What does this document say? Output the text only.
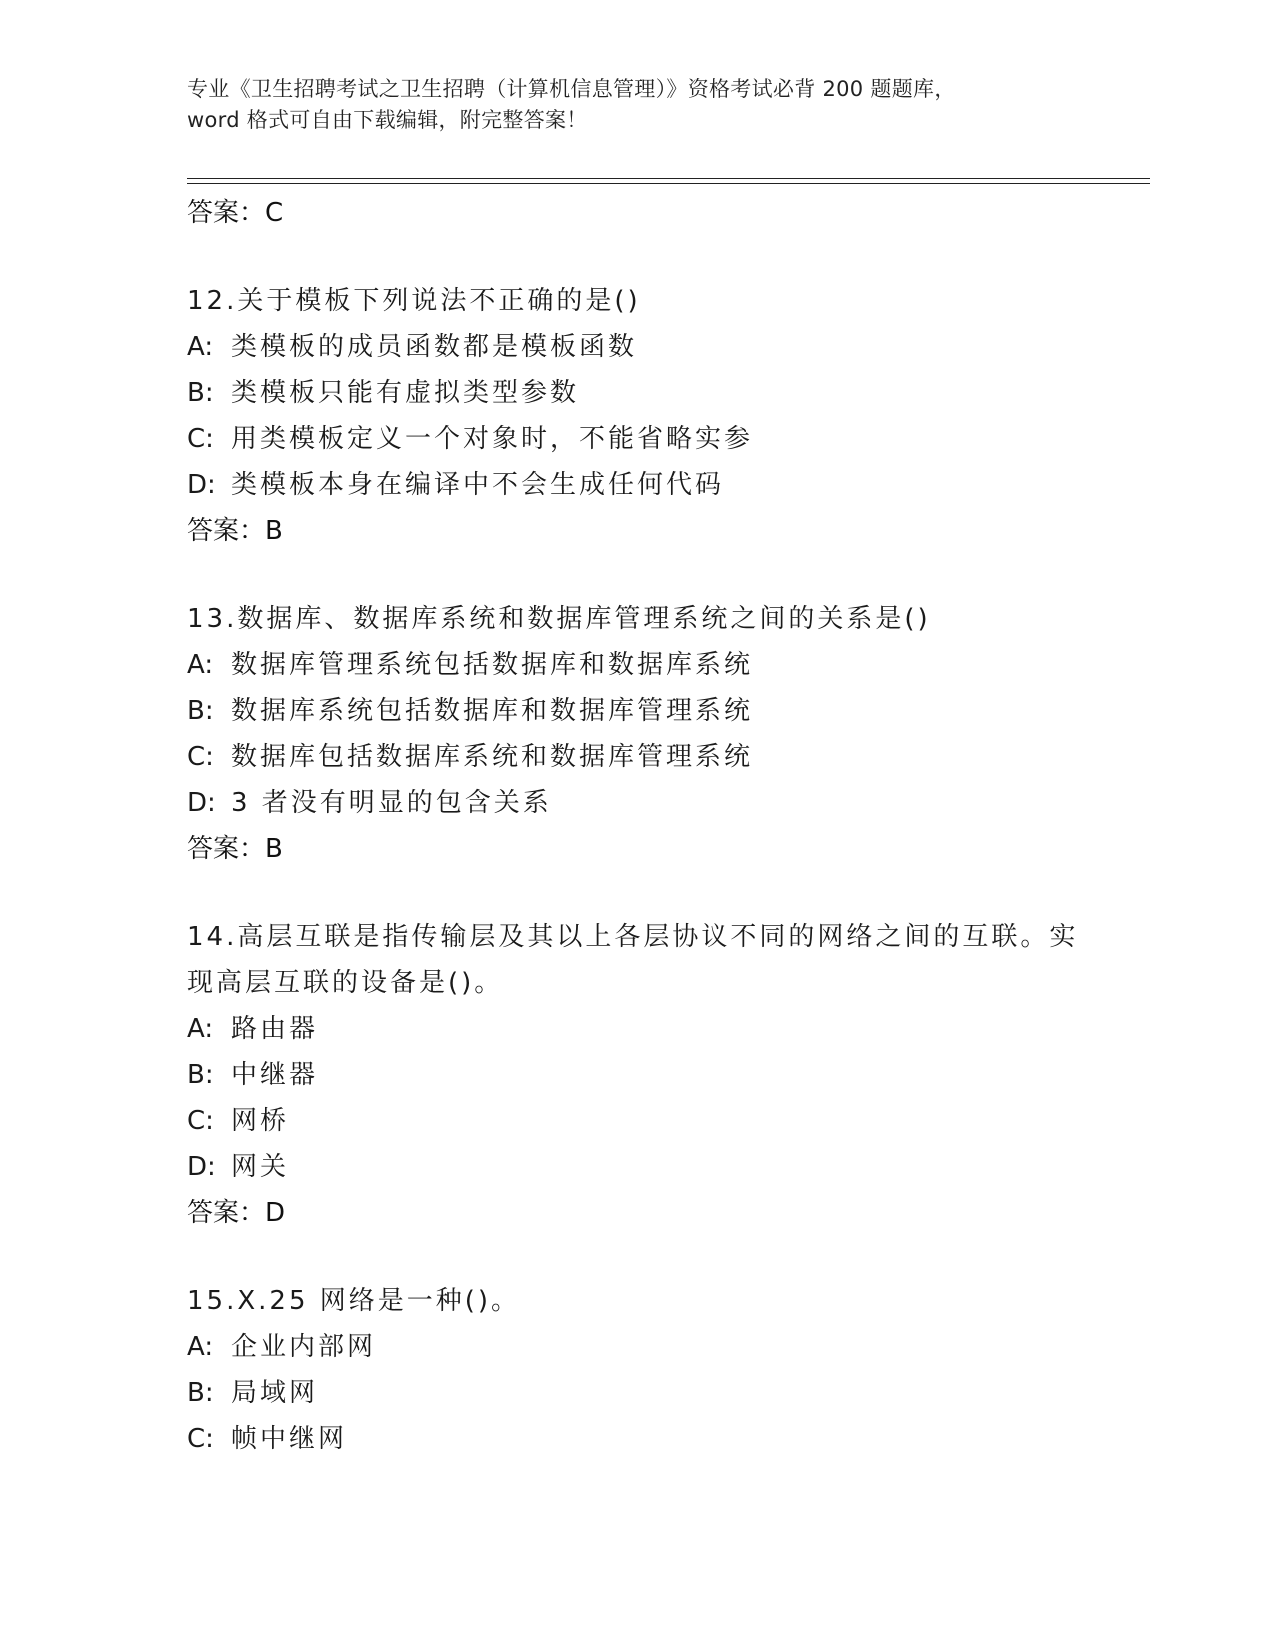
专业《卫生招聘考试之卫生招聘（计算机信息管理）》资格考试必背 200 题题库，
word 格式可自由下载编辑，附完整答案！
答案：C

12.关于模板下列说法不正确的是()

A: 类模板的成员函数都是模板函数
B: 类模板只能有虚拟类型参数
C: 用类模板定义一个对象时，不能省略实参
D: 类模板本身在编译中不会生成任何代码
答案：B

13.数据库、数据库系统和数据库管理系统之间的关系是()

A: 数据库管理系统包括数据库和数据库系统
B: 数据库系统包括数据库和数据库管理系统
C: 数据库包括数据库系统和数据库管理系统
D: 3 者没有明显的包含关系
答案：B

14.高层互联是指传输层及其以上各层协议不同的网络之间的互联。实现高层互联的设备是()。

A: 路由器
B: 中继器
C: 网桥
D: 网关
答案：D

15.X.25 网络是一种()。

A: 企业内部网
B: 局域网
C: 帧中继网
